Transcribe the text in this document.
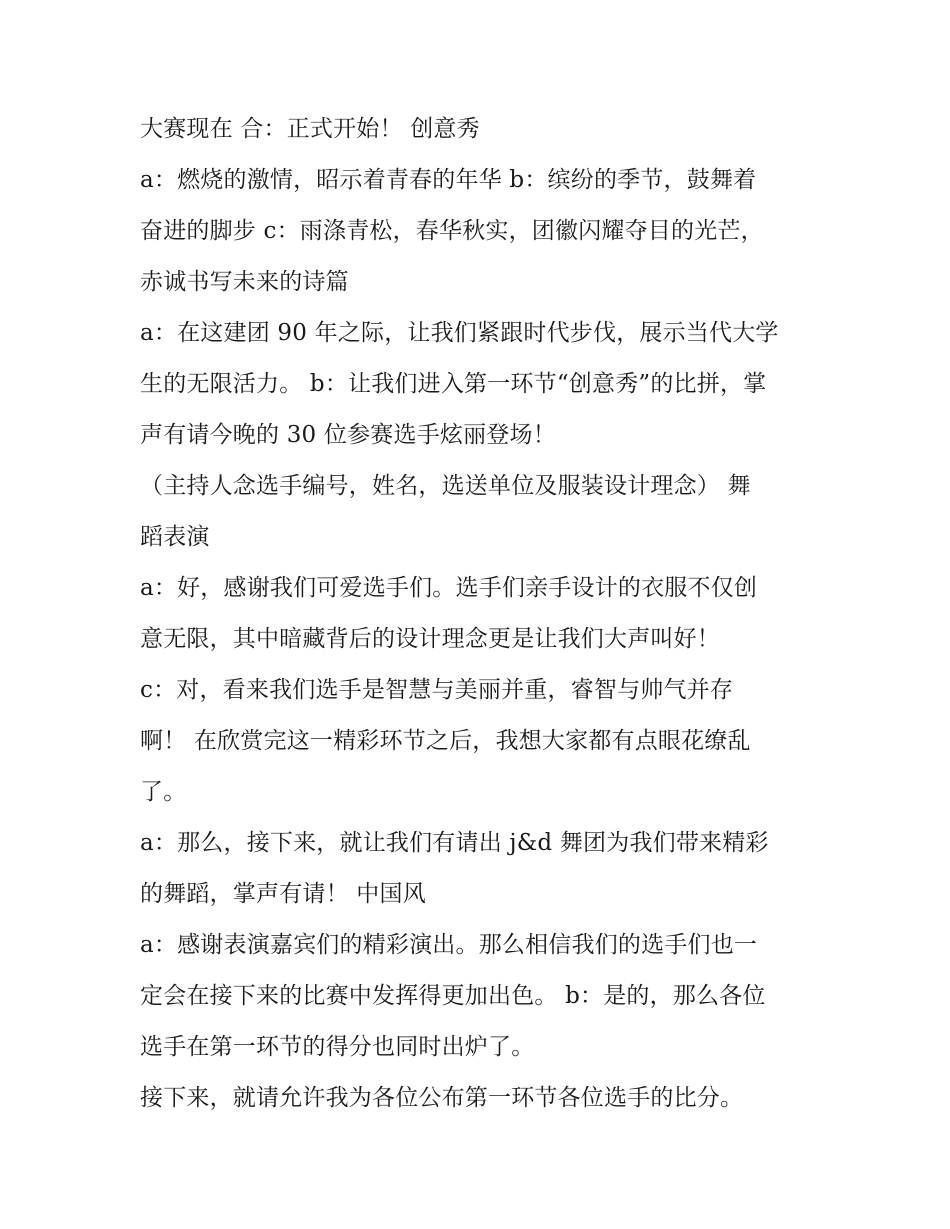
大赛现在 合：正式开始！ 创意秀
a：燃烧的激情，昭示着青春的年华 b：缤纷的季节，鼓舞着
奋进的脚步 c：雨涤青松，春华秋实，团徽闪耀夺目的光芒，
赤诚书写未来的诗篇
a：在这建团 90 年之际，让我们紧跟时代步伐，展示当代大学
生的无限活力。 b：让我们进入第一环节“创意秀”的比拼，掌
声有请今晚的 30 位参赛选手炫丽登场！
（主持人念选手编号，姓名，选送单位及服装设计理念） 舞
蹈表演
a：好，感谢我们可爱选手们。选手们亲手设计的衣服不仅创
意无限，其中暗藏背后的设计理念更是让我们大声叫好！
c：对，看来我们选手是智慧与美丽并重，睿智与帅气并存
啊！ 在欣赏完这一精彩环节之后，我想大家都有点眼花缭乱
了。
a：那么，接下来，就让我们有请出 j&d 舞团为我们带来精彩
的舞蹈，掌声有请！ 中国风
a：感谢表演嘉宾们的精彩演出。那么相信我们的选手们也一
定会在接下来的比赛中发挥得更加出色。 b：是的，那么各位
选手在第一环节的得分也同时出炉了。
接下来，就请允许我为各位公布第一环节各位选手的比分。
